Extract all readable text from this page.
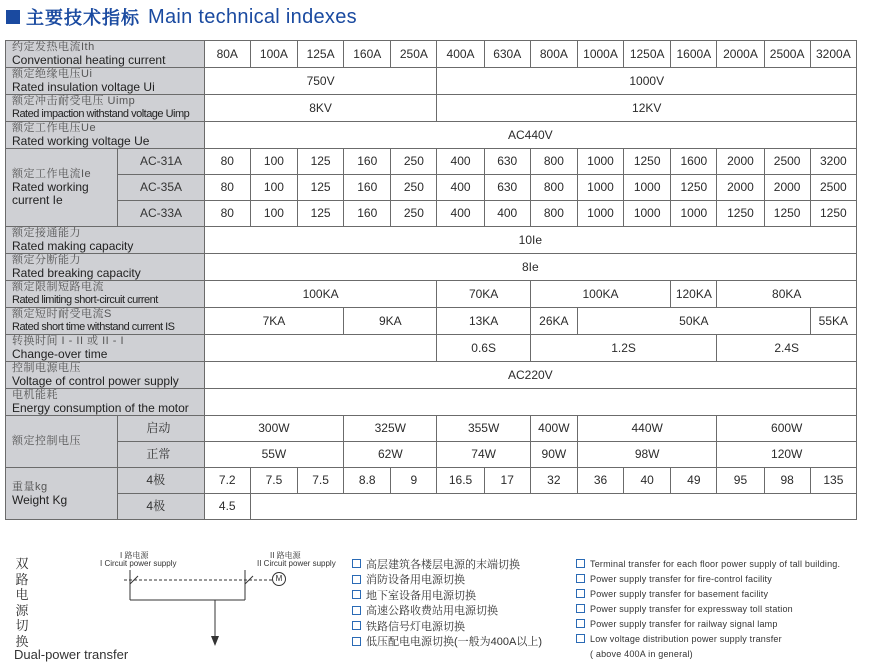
主要技术指标 Main technical indexes
约定发热电流Ith
Conventional heating current		80A	100A	125A	160A	250A	400A	630A	800A	1000A	1250A	1600A	2000A	2500A	3200A

额定绝缘电压Ui
Rated insulation voltage Ui		750V					1000V								

额定冲击耐受电压 Uimp
Rated impaction withstand voltage Uimp		8KV					12KV								

额定工作电压Ue
Rated working voltage Ue		AC440V													

额定工作电流Ie
Rated working
current Ie	AC-31A	80	100	125	160	250	400	630	800	1000	1250	1600	2000	2500	3200
	AC-35A	80	100	125	160	250	400	630	800	1000	1000	1250	2000	2000	2500
	AC-33A	80	100	125	160	250	400	400	800	1000	1000	1000	1250	1250	1250

额定接通能力
Rated making capacity		10Ie													

额定分断能力
Rated breaking capacity		8Ie													

额定限制短路电流
Rated limiting short-circuit current		100KA					70KA		100KA			120KA	80KA		

额定短时耐受电流S
Rated short time withstand current IS		7KA			9KA		13KA		26KA	50KA					55KA

转换时间 I - II 或 II - I
Change-over time							0.6S		1.2S				2.4S		

控制电源电压
Voltage of control power supply		AC220V													

电机能耗
Energy consumption of the motor															

额定控制电压	启动	300W			325W		355W		400W	440W			600W		
	正常	55W			62W		74W		90W	98W			120W		

重量kg
Weight Kg	4极	7.2	7.5	7.5	8.8	9	16.5	17	32	36	40	49	95	98	135
	4极	4.5													
双
路
电
源
切
换
Dual-power transfer
I 路电源
I Circuit power supply
II 路电源
II Circuit power supply
M
高层建筑各楼层电源的末端切换
消防设备用电源切换
地下室设备用电源切换
高速公路收费站用电源切换
铁路信号灯电源切换
低压配电电源切换(一般为400A以上)
Terminal transfer for each floor power supply of tall building.
Power supply transfer for fire-control facility
Power supply transfer for basement facility
Power supply transfer for expressway toll station
Power supply transfer for railway signal lamp
Low voltage distribution power supply transfer
( above 400A in general)
